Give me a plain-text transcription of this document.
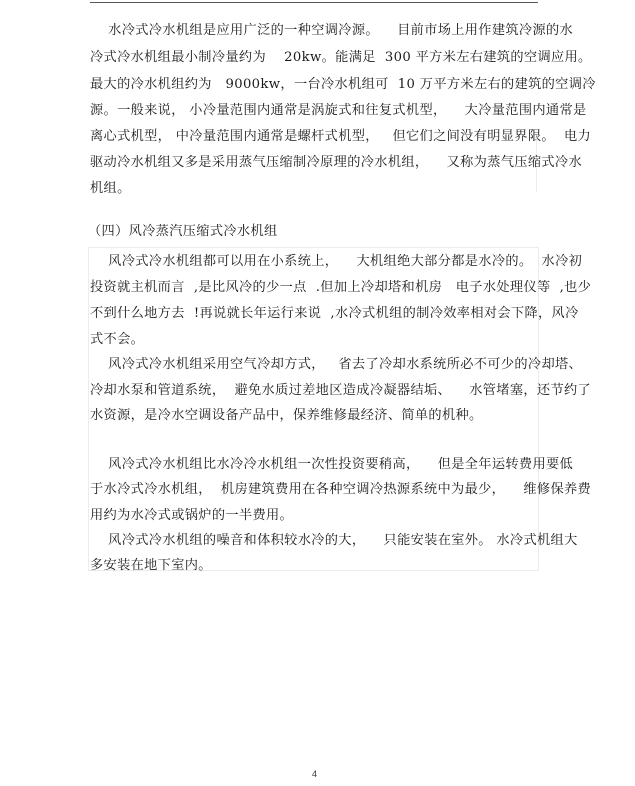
水冷式冷水机组是应用广泛的一种空调冷源。    目前市场上用作建筑冷源的水
冷式冷水机组最小制冷量约为    20kw。能满足  300 平方米左右建筑的空调应用。
最大的冷水机组约为   9000kw，一台冷水机组可  10 万平方米左右的建筑的空调冷
源。一般来说， 小冷量范围内通常是涡旋式和往复式机型，    大冷量范围内通常是
离心式机型， 中冷量范围内通常是螺杆式机型，   但它们之间没有明显界限。  电力
驱动冷水机组又多是采用蒸气压缩制冷原理的冷水机组，    又称为蒸气压缩式冷水
机组。
（四）风冷蒸汽压缩式冷水机组
风冷式冷水机组都可以用在小系统上，    大机组绝大部分都是水冷的。  水冷初
投资就主机而言  ,是比风冷的少一点  .但加上冷却塔和机房   电子水处理仪等  ,也少
不到什么地方去  !再说就长年运行来说  ,水冷式机组的制冷效率相对会下降，风冷
式不会。
风冷式冷水机组采用空气冷却方式，   省去了冷却水系统所必不可少的冷却塔、
冷却水泵和管道系统，  避免水质过差地区造成冷凝器结垢、    水管堵塞，还节约了
水资源，是冷水空调设备产品中，保养维修最经济、简单的机种。
风冷式冷水机组比水冷冷水机组一次性投资要稍高，    但是全年运转费用要低
于水冷式冷水机组，  机房建筑费用在各种空调冷热源系统中为最少，    维修保养费
用约为水冷式或锅炉的一半费用。
风冷式冷水机组的噪音和体积较水冷的大，    只能安装在室外。 水冷式机组大
多安装在地下室内。
4
